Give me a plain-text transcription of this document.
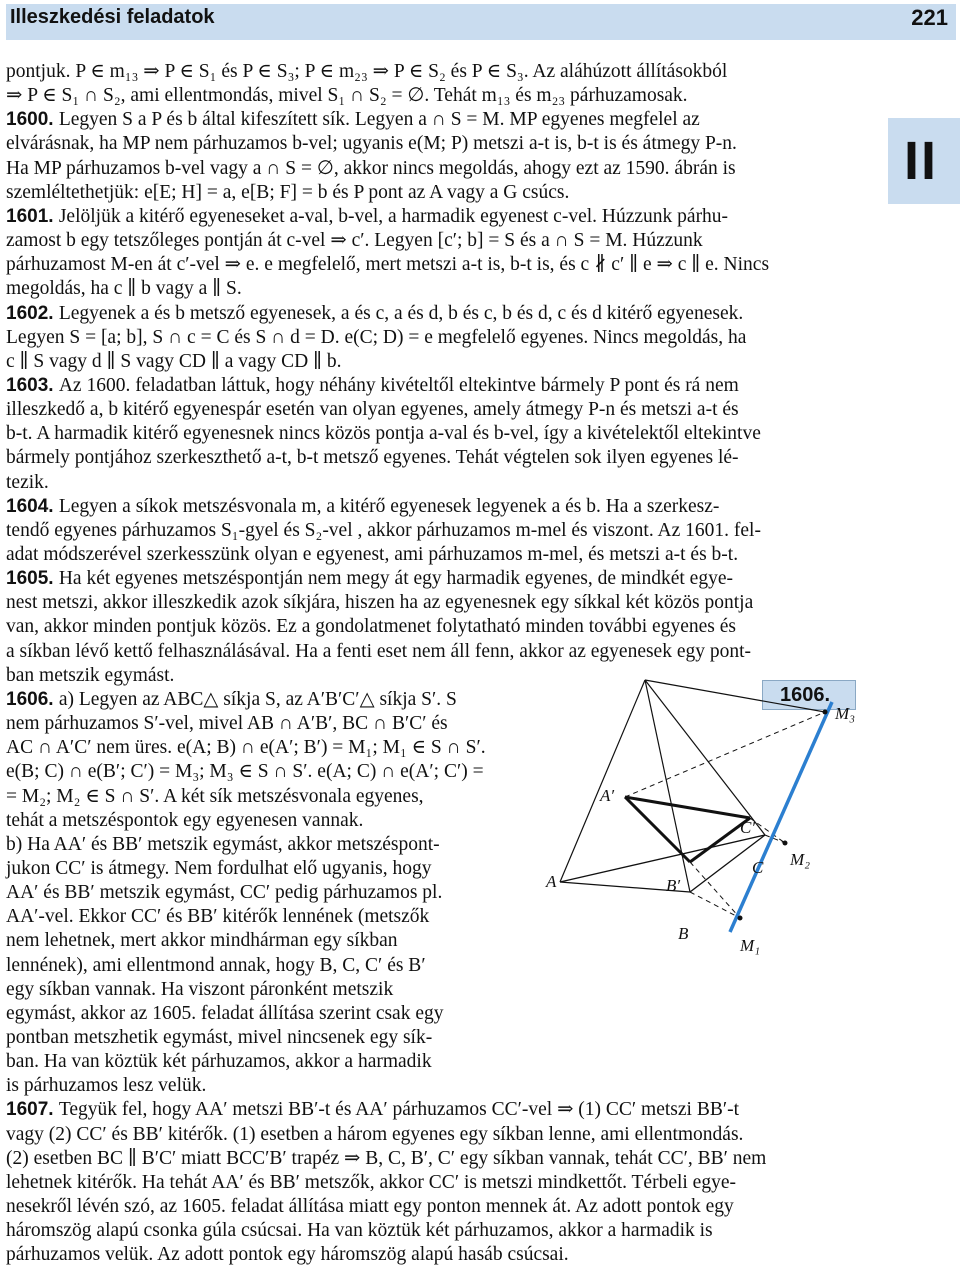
Illeszkedési feladatok	221
II
pontjuk. P ∈ m₁₃ ⇒ P ∈ S₁ és P ∈ S₃; P ∈ m₂₃ ⇒ P ∈ S₂ és P ∈ S₃. Az aláhúzott állításokból
⇒ P ∈ S₁ ∩ S₂, ami ellentmondás, mivel S₁ ∩ S₂ = ∅. Tehát m₁₃ és m₂₃ párhuzamosak.
1600. Legyen S a P és b által kifeszített sík. Legyen a ∩ S = M. MP egyenes megfelel az
elvárásnak, ha MP nem párhuzamos b-vel; ugyanis e(M; P) metszi a-t is, b-t is és átmegy P-n.
Ha MP párhuzamos b-vel vagy a ∩ S = ∅, akkor nincs megoldás, ahogy ezt az 1590. ábrán is
szemléltethetjük: e[E; H] = a, e[B; F] = b és P pont az A vagy a G csúcs.
1601. Jelöljük a kitérő egyeneseket a-val, b-vel, a harmadik egyenest c-vel. Húzzunk párhu-
zamost b egy tetszőleges pontján át c-vel ⇒ c′. Legyen [c′; b] = S és a ∩ S = M. Húzzunk
párhuzamost M-en át c′-vel ⇒ e. e megfelelő, mert metszi a-t is, b-t is, és c ∦ c′ ∥ e ⇒ c ∥ e. Nincs
megoldás, ha c ∥ b vagy a ∥ S.
1602. Legyenek a és b metsző egyenesek, a és c, a és d, b és c, b és d, c és d kitérő egyenesek.
Legyen S = [a; b], S ∩ c = C és S ∩ d = D. e(C; D) = e megfelelő egyenes. Nincs megoldás, ha
c ∥ S vagy d ∥ S vagy CD ∥ a vagy CD ∥ b.
1603. Az 1600. feladatban láttuk, hogy néhány kivételtől eltekintve bármely P pont és rá nem
illeszkedő a, b kitérő egyenespár esetén van olyan egyenes, amely átmegy P-n és metszi a-t és
b-t. A harmadik kitérő egyenesnek nincs közös pontja a-val és b-vel, így a kivételektől eltekintve
bármely pontjához szerkeszthető a-t, b-t metsző egyenes. Tehát végtelen sok ilyen egyenes lé-
tezik.
1604. Legyen a síkok metszésvonala m, a kitérő egyenesek legyenek a és b. Ha a szerkesz-
tendő egyenes párhuzamos S₁-gyel és S₂-vel , akkor párhuzamos m-mel és viszont. Az 1601. fel-
adat módszerével szerkesszünk olyan e egyenest, ami párhuzamos m-mel, és metszi a-t és b-t.
1605. Ha két egyenes metszéspontján nem megy át egy harmadik egyenes, de mindkét egye-
nest metszi, akkor illeszkedik azok síkjára, hiszen ha az egyenesnek egy síkkal két közös pontja
van, akkor minden pontjuk közös. Ez a gondolatmenet folytatható minden további egyenes és
a síkban lévő kettő felhasználásával. Ha a fenti eset nem áll fenn, akkor az egyenesek egy pont-
ban metszik egymást.
1606. a) Legyen az ABC△ síkja S, az A′B′C′△ síkja S′. S
nem párhuzamos S′-vel, mivel AB ∩ A′B′, BC ∩ B′C′ és
AC ∩ A′C′ nem üres. e(A; B) ∩ e(A′; B′) = M₁; M₁ ∈ S ∩ S′.
e(B; C) ∩ e(B′; C′) = M₃; M₃ ∈ S ∩ S′. e(A; C) ∩ e(A′; C′) =
= M₂; M₂ ∈ S ∩ S′. A két sík metszésvonala egyenes,
tehát a metszéspontok egy egyenesen vannak.
b) Ha AA′ és BB′ metszik egymást, akkor metszéspont-
jukon CC′ is átmegy. Nem fordulhat elő ugyanis, hogy
AA′ és BB′ metszik egymást, CC′ pedig párhuzamos pl.
AA′-vel. Ekkor CC′ és BB′ kitérők lennének (metszők
nem lehetnek, mert akkor mindhárman egy síkban
lennének), ami ellentmond annak, hogy B, C, C′ és B′
egy síkban vannak. Ha viszont páronként metszik
egymást, akkor az 1605. feladat állítása szerint csak egy
pontban metszhetik egymást, mivel nincsenek egy sík-
ban. Ha van köztük két párhuzamos, akkor a harmadik
is párhuzamos lesz velük.
1607. Tegyük fel, hogy AA′ metszi BB′-t és AA′ párhuzamos CC′-vel ⇒ (1) CC′ metszi BB′-t
vagy (2) CC′ és BB′ kitérők. (1) esetben a három egyenes egy síkban lenne, ami ellentmondás.
(2) esetben BC ∥ B′C′ miatt BCC′B′ trapéz ⇒ B, C, B′, C′ egy síkban vannak, tehát CC′, BB′ nem
lehetnek kitérők. Ha tehát AA′ és BB′ metszők, akkor CC′ is metszi mindkettőt. Térbeli egye-
nesekről lévén szó, az 1605. feladat állítása miatt egy ponton mennek át. Az adott pontok egy
háromszög alapú csonka gúla csúcsai. Ha van köztük két párhuzamos, akkor a harmadik is
párhuzamos velük. Az adott pontok egy háromszög alapú hasáb csúcsai.
1606.
A′
A	B′
B
C′
C
M₁
M₂
M₃
